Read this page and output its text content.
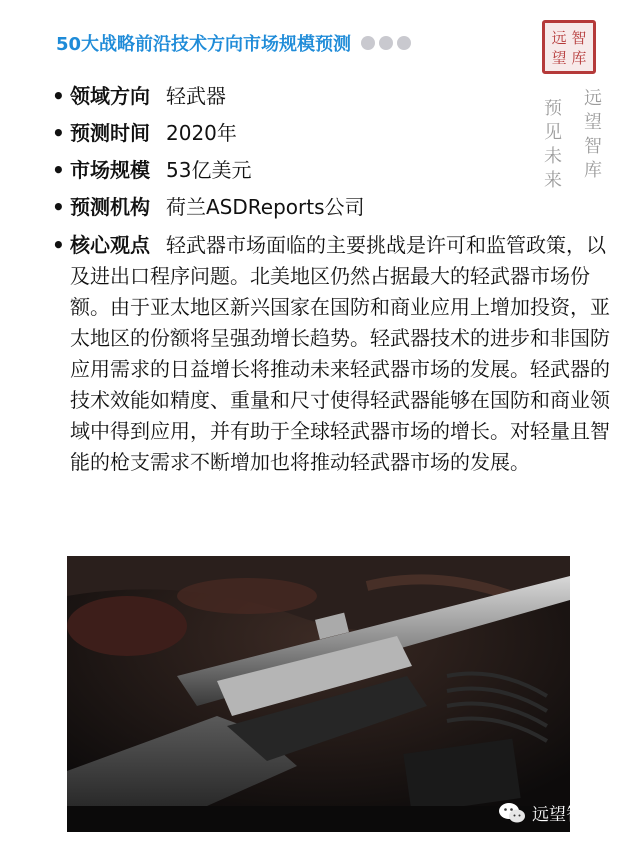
50大战略前沿技术方向市场规模预测	远 智
望 库
远
望
智
库
预
见
未
来
• 领域方向 轻武器
• 预测时间 2020年
• 市场规模 53亿美元
• 预测机构 荷兰ASDReports公司
• 核心观点 轻武器市场面临的主要挑战是许可和监管政策，以及进出口程序问题。北美地区仍然占据最大的轻武器市场份额。由于亚太地区新兴国家在国防和商业应用上增加投资，亚太地区的份额将呈强劲增长趋势。轻武器技术的进步和非国防应用需求的日益增长将推动未来轻武器市场的发展。轻武器的技术效能如精度、重量和尺寸使得轻武器能够在国防和商业领域中得到应用，并有助于全球轻武器市场的增长。对轻量且智能的枪支需求不断增加也将推动轻武器市场的发展。
远望智库
